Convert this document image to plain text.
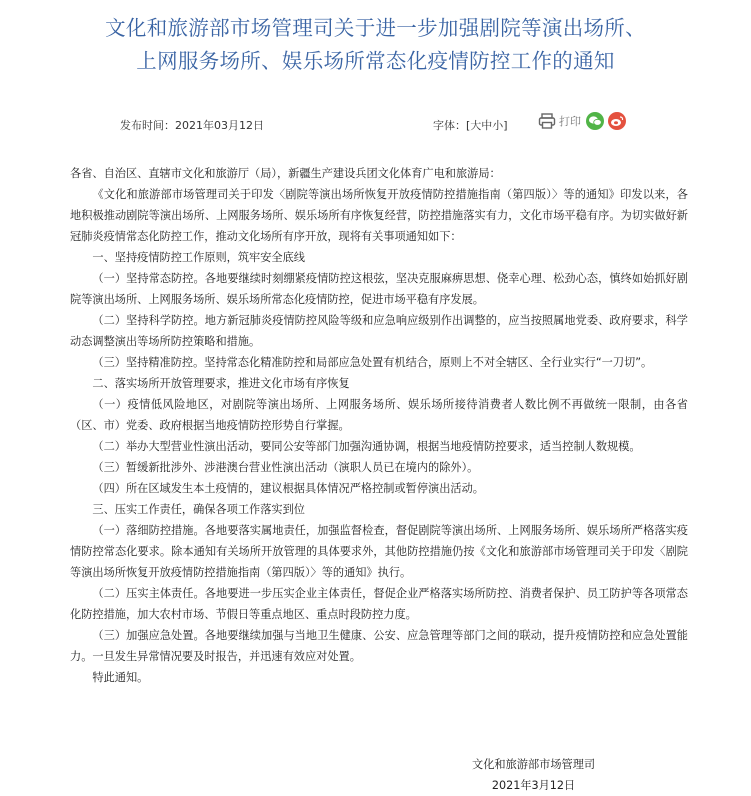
文化和旅游部市场管理司关于进一步加强剧院等演出场所、
上网服务场所、娱乐场所常态化疫情防控工作的通知
发布时间：2021年03月12日	字体：[大中小]	打印

各省、自治区、直辖市文化和旅游厅（局），新疆生产建设兵团文化体育广电和旅游局：

《文化和旅游部市场管理司关于印发〈剧院等演出场所恢复开放疫情防控措施指南（第四版）〉等的通知》印发以来，各地积极推动剧院等演出场所、上网服务场所、娱乐场所有序恢复经营，防控措施落实有力，文化市场平稳有序。为切实做好新冠肺炎疫情常态化防控工作，推动文化场所有序开放，现将有关事项通知如下：

一、坚持疫情防控工作原则，筑牢安全底线

（一）坚持常态防控。各地要继续时刻绷紧疫情防控这根弦，坚决克服麻痹思想、侥幸心理、松劲心态，慎终如始抓好剧院等演出场所、上网服务场所、娱乐场所常态化疫情防控，促进市场平稳有序发展。

（二）坚持科学防控。地方新冠肺炎疫情防控风险等级和应急响应级别作出调整的，应当按照属地党委、政府要求，科学动态调整演出等场所防控策略和措施。

（三）坚持精准防控。坚持常态化精准防控和局部应急处置有机结合，原则上不对全辖区、全行业实行“一刀切”。

二、落实场所开放管理要求，推进文化市场有序恢复

（一）疫情低风险地区，对剧院等演出场所、上网服务场所、娱乐场所接待消费者人数比例不再做统一限制，由各省（区、市）党委、政府根据当地疫情防控形势自行掌握。

（二）举办大型营业性演出活动，要同公安等部门加强沟通协调，根据当地疫情防控要求，适当控制人数规模。

（三）暂缓新批涉外、涉港澳台营业性演出活动（演职人员已在境内的除外）。

（四）所在区域发生本土疫情的，建议根据具体情况严格控制或暂停演出活动。

三、压实工作责任，确保各项工作落实到位

（一）落细防控措施。各地要落实属地责任，加强监督检查，督促剧院等演出场所、上网服务场所、娱乐场所严格落实疫情防控常态化要求。除本通知有关场所开放管理的具体要求外，其他防控措施仍按《文化和旅游部市场管理司关于印发〈剧院等演出场所恢复开放疫情防控措施指南（第四版）〉等的通知》执行。

（二）压实主体责任。各地要进一步压实企业主体责任，督促企业严格落实场所防控、消费者保护、员工防护等各项常态化防控措施，加大农村市场、节假日等重点地区、重点时段防控力度。

（三）加强应急处置。各地要继续加强与当地卫生健康、公安、应急管理等部门之间的联动，提升疫情防控和应急处置能力。一旦发生异常情况要及时报告，并迅速有效应对处置。

特此通知。

文化和旅游部市场管理司
2021年3月12日
